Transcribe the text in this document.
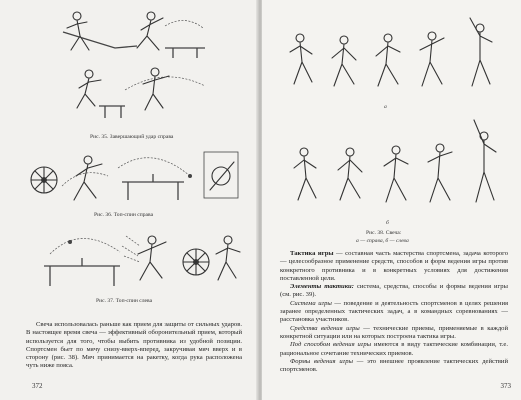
Рис. 35. Завершающий удар справа
Рис. 36. Топ-спин справа
Рис. 37. Топ-спин слева

Свеча использовалась раньше как прием для защиты от сильных ударов. В настоящее время свеча — эффективный оборонительный прием, который используется для того, чтобы выбить противника из удобной позиции. Спортсмен бьет по мячу снизу-вверх-вперед, закручивая мяч вверх и в сторону (рис. 38). Мяч принимается на ракетку, когда рука расположена чуть ниже пояса.

372
а
б
Рис. 38. Свеча:
а — справа, б — слева

Тактика игры — составная часть мастерства спортсмена, задача которого — целесообразное применение средств, способов и форм ведения игры против конкретного противника и в конкретных условиях для достижения поставленной цели.

Элементы тактики: система, средства, способы и формы ведения игры (см. рис. 39).

Система игры — поведение и деятельность спортсменов в целях решения заранее определенных тактических задач, а в командных соревнованиях — расстановка участников.

Средства ведения игры — технические приемы, применяемые в каждой конкретной ситуации или на которых построена тактика игры.

Под способом ведения игры имеются в виду тактические комбинации, т.е. рациональное сочетание технических приемов.

Формы ведения игры — это внешнее проявление тактических действий спортсменов.

373
